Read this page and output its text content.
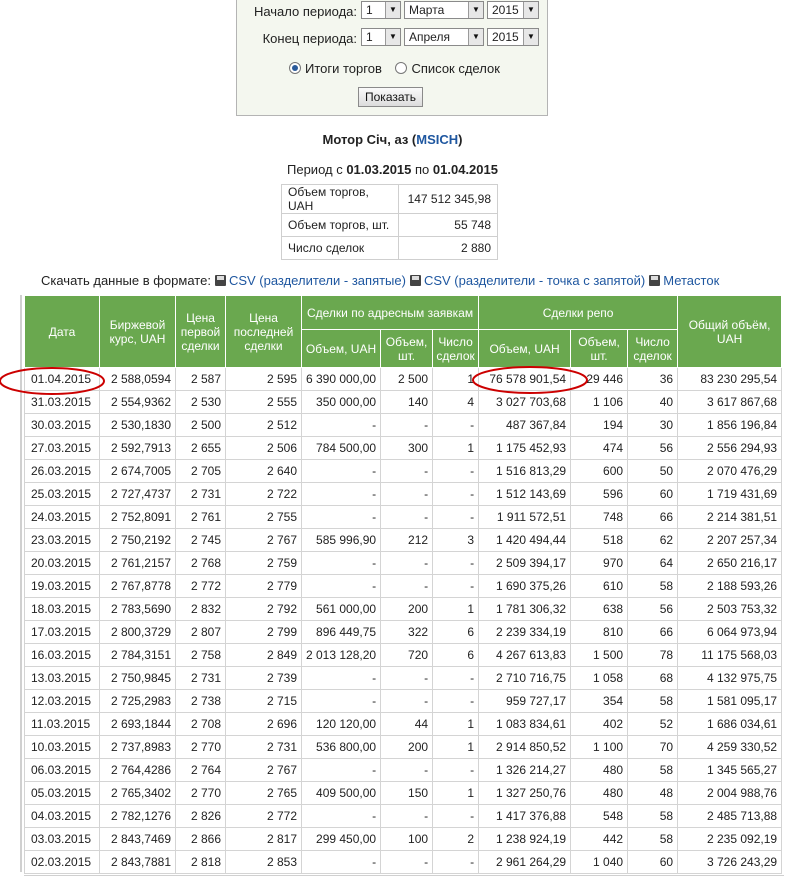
Начало периода: 1	▼	Марта	▼	2015	▼
Конец периода: 1	▼	Апреля	▼	2015	▼
Итоги торгов Список сделок
Показать
Мотор Січ, аз (MSICH)
Период с 01.03.2015 по 01.04.2015
Объем торгов, UAH	147 512 345,98
Объем торгов, шт.	55 748
Число сделок	2 880
Скачать данные в формате: CSV (разделители - запятые) CSV (разделители - точка с запятой) Метасток
Дата	Биржевой курс, UAH	Цена первой сделки	Цена последней сделки	Сделки по адресным заявкам			Сделки репо			Общий объём, UAH
				Объем, UAH	Объем, шт.	Число сделок	Объем, UAH	Объем, шт.	Число сделок	
01.04.2015	2 588,0594	2 587	2 595	6 390 000,00	2 500	1	76 578 901,54	29 446	36	83 230 295,54
31.03.2015	2 554,9362	2 530	2 555	350 000,00	140	4	3 027 703,68	1 106	40	3 617 867,68
30.03.2015	2 530,1830	2 500	2 512	-	-	-	487 367,84	194	30	1 856 196,84
27.03.2015	2 592,7913	2 655	2 506	784 500,00	300	1	1 175 452,93	474	56	2 556 294,93
26.03.2015	2 674,7005	2 705	2 640	-	-	-	1 516 813,29	600	50	2 070 476,29
25.03.2015	2 727,4737	2 731	2 722	-	-	-	1 512 143,69	596	60	1 719 431,69
24.03.2015	2 752,8091	2 761	2 755	-	-	-	1 911 572,51	748	66	2 214 381,51
23.03.2015	2 750,2192	2 745	2 767	585 996,90	212	3	1 420 494,44	518	62	2 207 257,34
20.03.2015	2 761,2157	2 768	2 759	-	-	-	2 509 394,17	970	64	2 650 216,17
19.03.2015	2 767,8778	2 772	2 779	-	-	-	1 690 375,26	610	58	2 188 593,26
18.03.2015	2 783,5690	2 832	2 792	561 000,00	200	1	1 781 306,32	638	56	2 503 753,32
17.03.2015	2 800,3729	2 807	2 799	896 449,75	322	6	2 239 334,19	810	66	6 064 973,94
16.03.2015	2 784,3151	2 758	2 849	2 013 128,20	720	6	4 267 613,83	1 500	78	11 175 568,03
13.03.2015	2 750,9845	2 731	2 739	-	-	-	2 710 716,75	1 058	68	4 132 975,75
12.03.2015	2 725,2983	2 738	2 715	-	-	-	959 727,17	354	58	1 581 095,17
11.03.2015	2 693,1844	2 708	2 696	120 120,00	44	1	1 083 834,61	402	52	1 686 034,61
10.03.2015	2 737,8983	2 770	2 731	536 800,00	200	1	2 914 850,52	1 100	70	4 259 330,52
06.03.2015	2 764,4286	2 764	2 767	-	-	-	1 326 214,27	480	58	1 345 565,27
05.03.2015	2 765,3402	2 770	2 765	409 500,00	150	1	1 327 250,76	480	48	2 004 988,76
04.03.2015	2 782,1276	2 826	2 772	-	-	-	1 417 376,88	548	58	2 485 713,88
03.03.2015	2 843,7469	2 866	2 817	299 450,00	100	2	1 238 924,19	442	58	2 235 092,19
02.03.2015	2 843,7881	2 818	2 853	-	-	-	2 961 264,29	1 040	60	3 726 243,29
